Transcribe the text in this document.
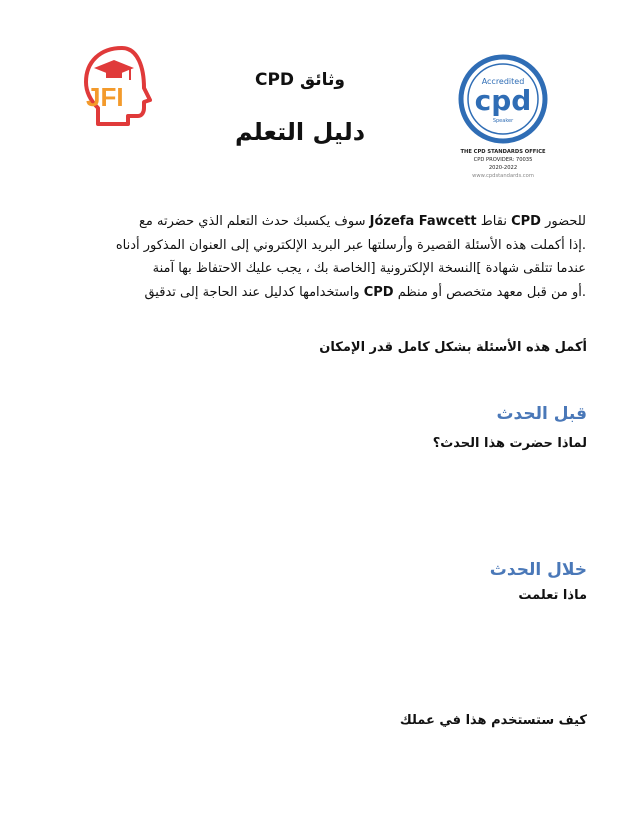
JFI
CPD وثائق
دليل التعلم
Accredited
cpd
Speaker
THE CPD STANDARDS OFFICE
CPD PROVIDER: 70035
2020-2022
www.cpdstandards.com
للحضور CPD نقاط Józefa Fawcett سوف يكسبك حدث التعلم الذي حضرته مع
.إذا أكملت هذه الأسئلة القصيرة وأرسلتها عبر البريد الإلكتروني إلى العنوان المذكور أدناه
عندما تتلقى شهادة ]النسخة الإلكترونية [الخاصة بك ، يجب عليك الاحتفاظ بها آمنة
.أو من قبل معهد متخصص أو منظم CPD واستخدامها كدليل عند الحاجة إلى تدقيق
أكمل هذه الأسئلة بشكل كامل قدر الإمكان
قبل الحدث
لماذا حضرت هذا الحدث؟
خلال الحدث
ماذا تعلمت
كيف ستستخدم هذا في عملك
